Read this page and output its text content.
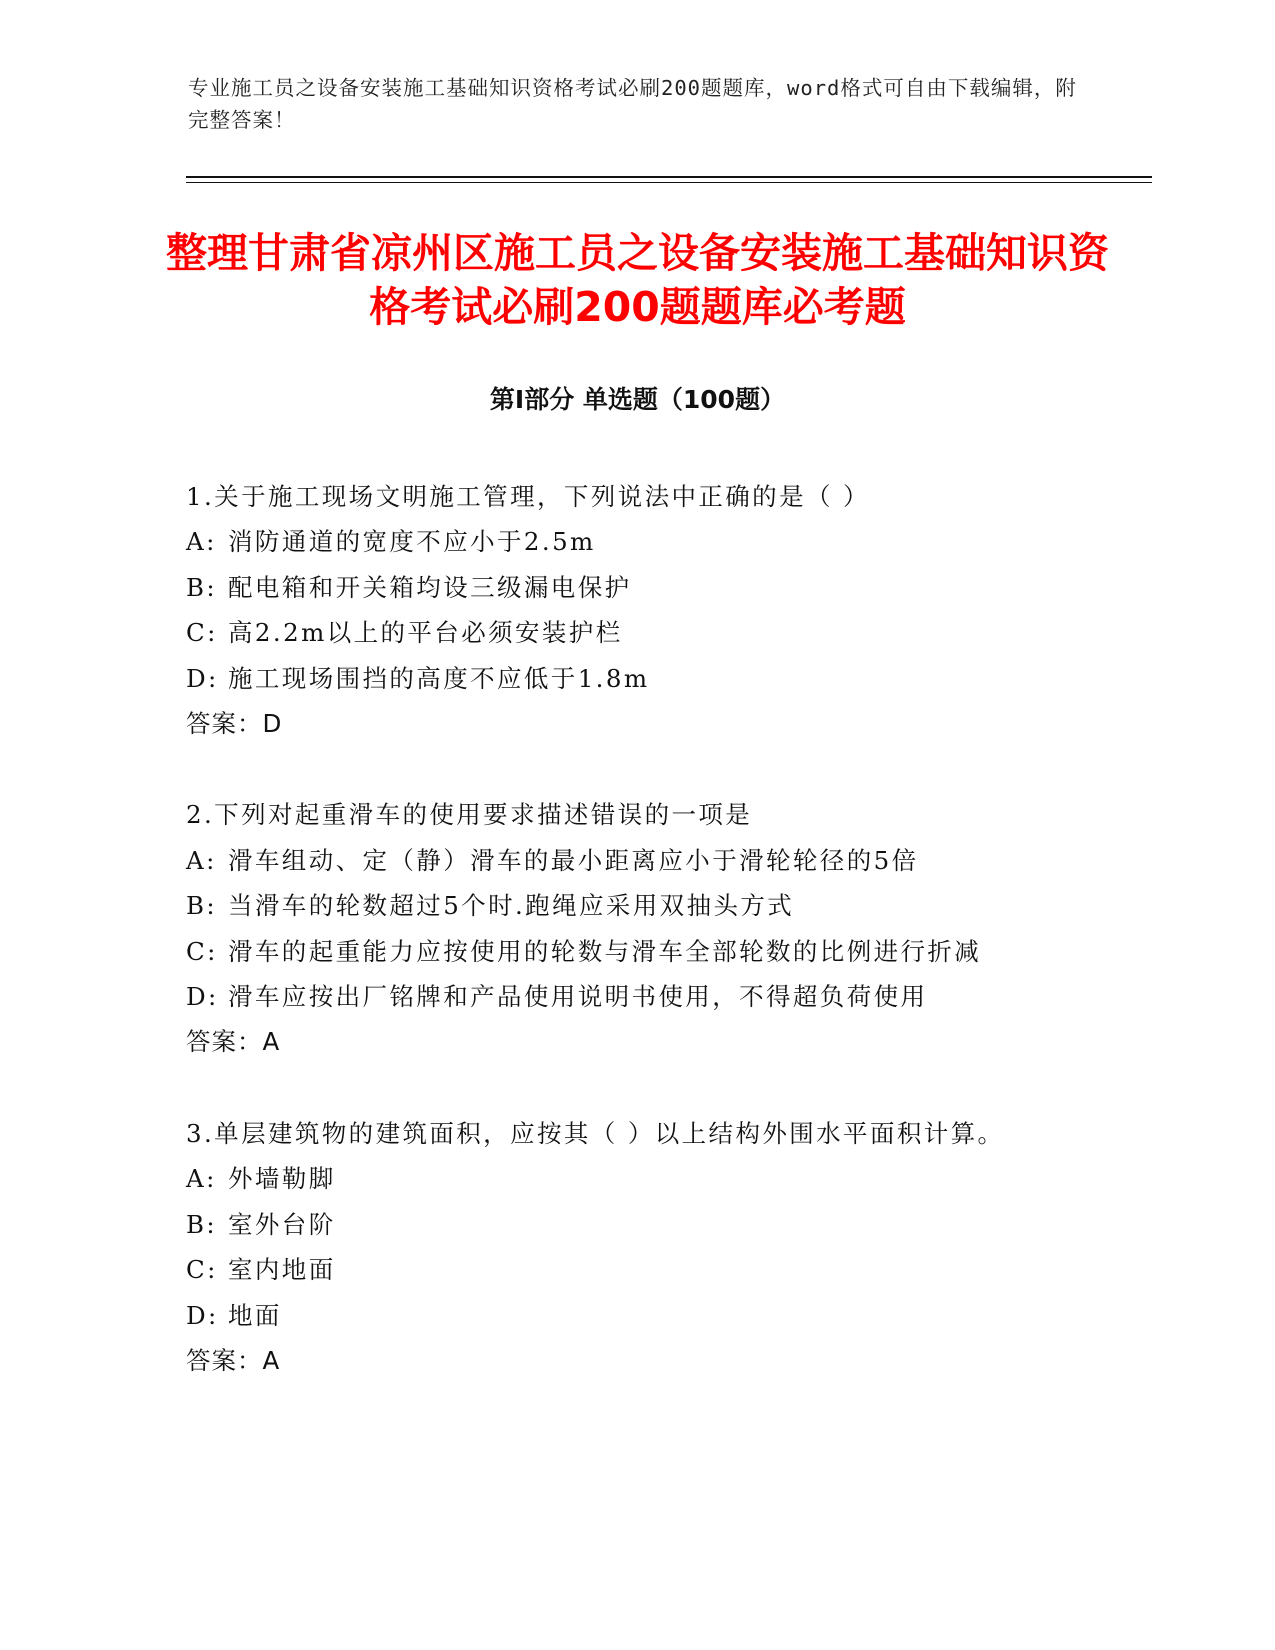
专业施工员之设备安装施工基础知识资格考试必刷200题题库，word格式可自由下载编辑，附完整答案！
整理甘肃省凉州区施工员之设备安装施工基础知识资格考试必刷200题题库必考题
第Ⅰ部分 单选题（100题）
1.关于施工现场文明施工管理，下列说法中正确的是（ ）
A: 消防通道的宽度不应小于2.5m
B: 配电箱和开关箱均设三级漏电保护
C: 高2.2m以上的平台必须安装护栏
D: 施工现场围挡的高度不应低于1.8m
答案：D
2.下列对起重滑车的使用要求描述错误的一项是
A: 滑车组动、定（静）滑车的最小距离应小于滑轮轮径的5倍
B: 当滑车的轮数超过5个时.跑绳应采用双抽头方式
C: 滑车的起重能力应按使用的轮数与滑车全部轮数的比例进行折减
D: 滑车应按出厂铭牌和产品使用说明书使用，不得超负荷使用
答案：A
3.单层建筑物的建筑面积，应按其（ ）以上结构外围水平面积计算。
A: 外墙勒脚
B: 室外台阶
C: 室内地面
D: 地面
答案：A
